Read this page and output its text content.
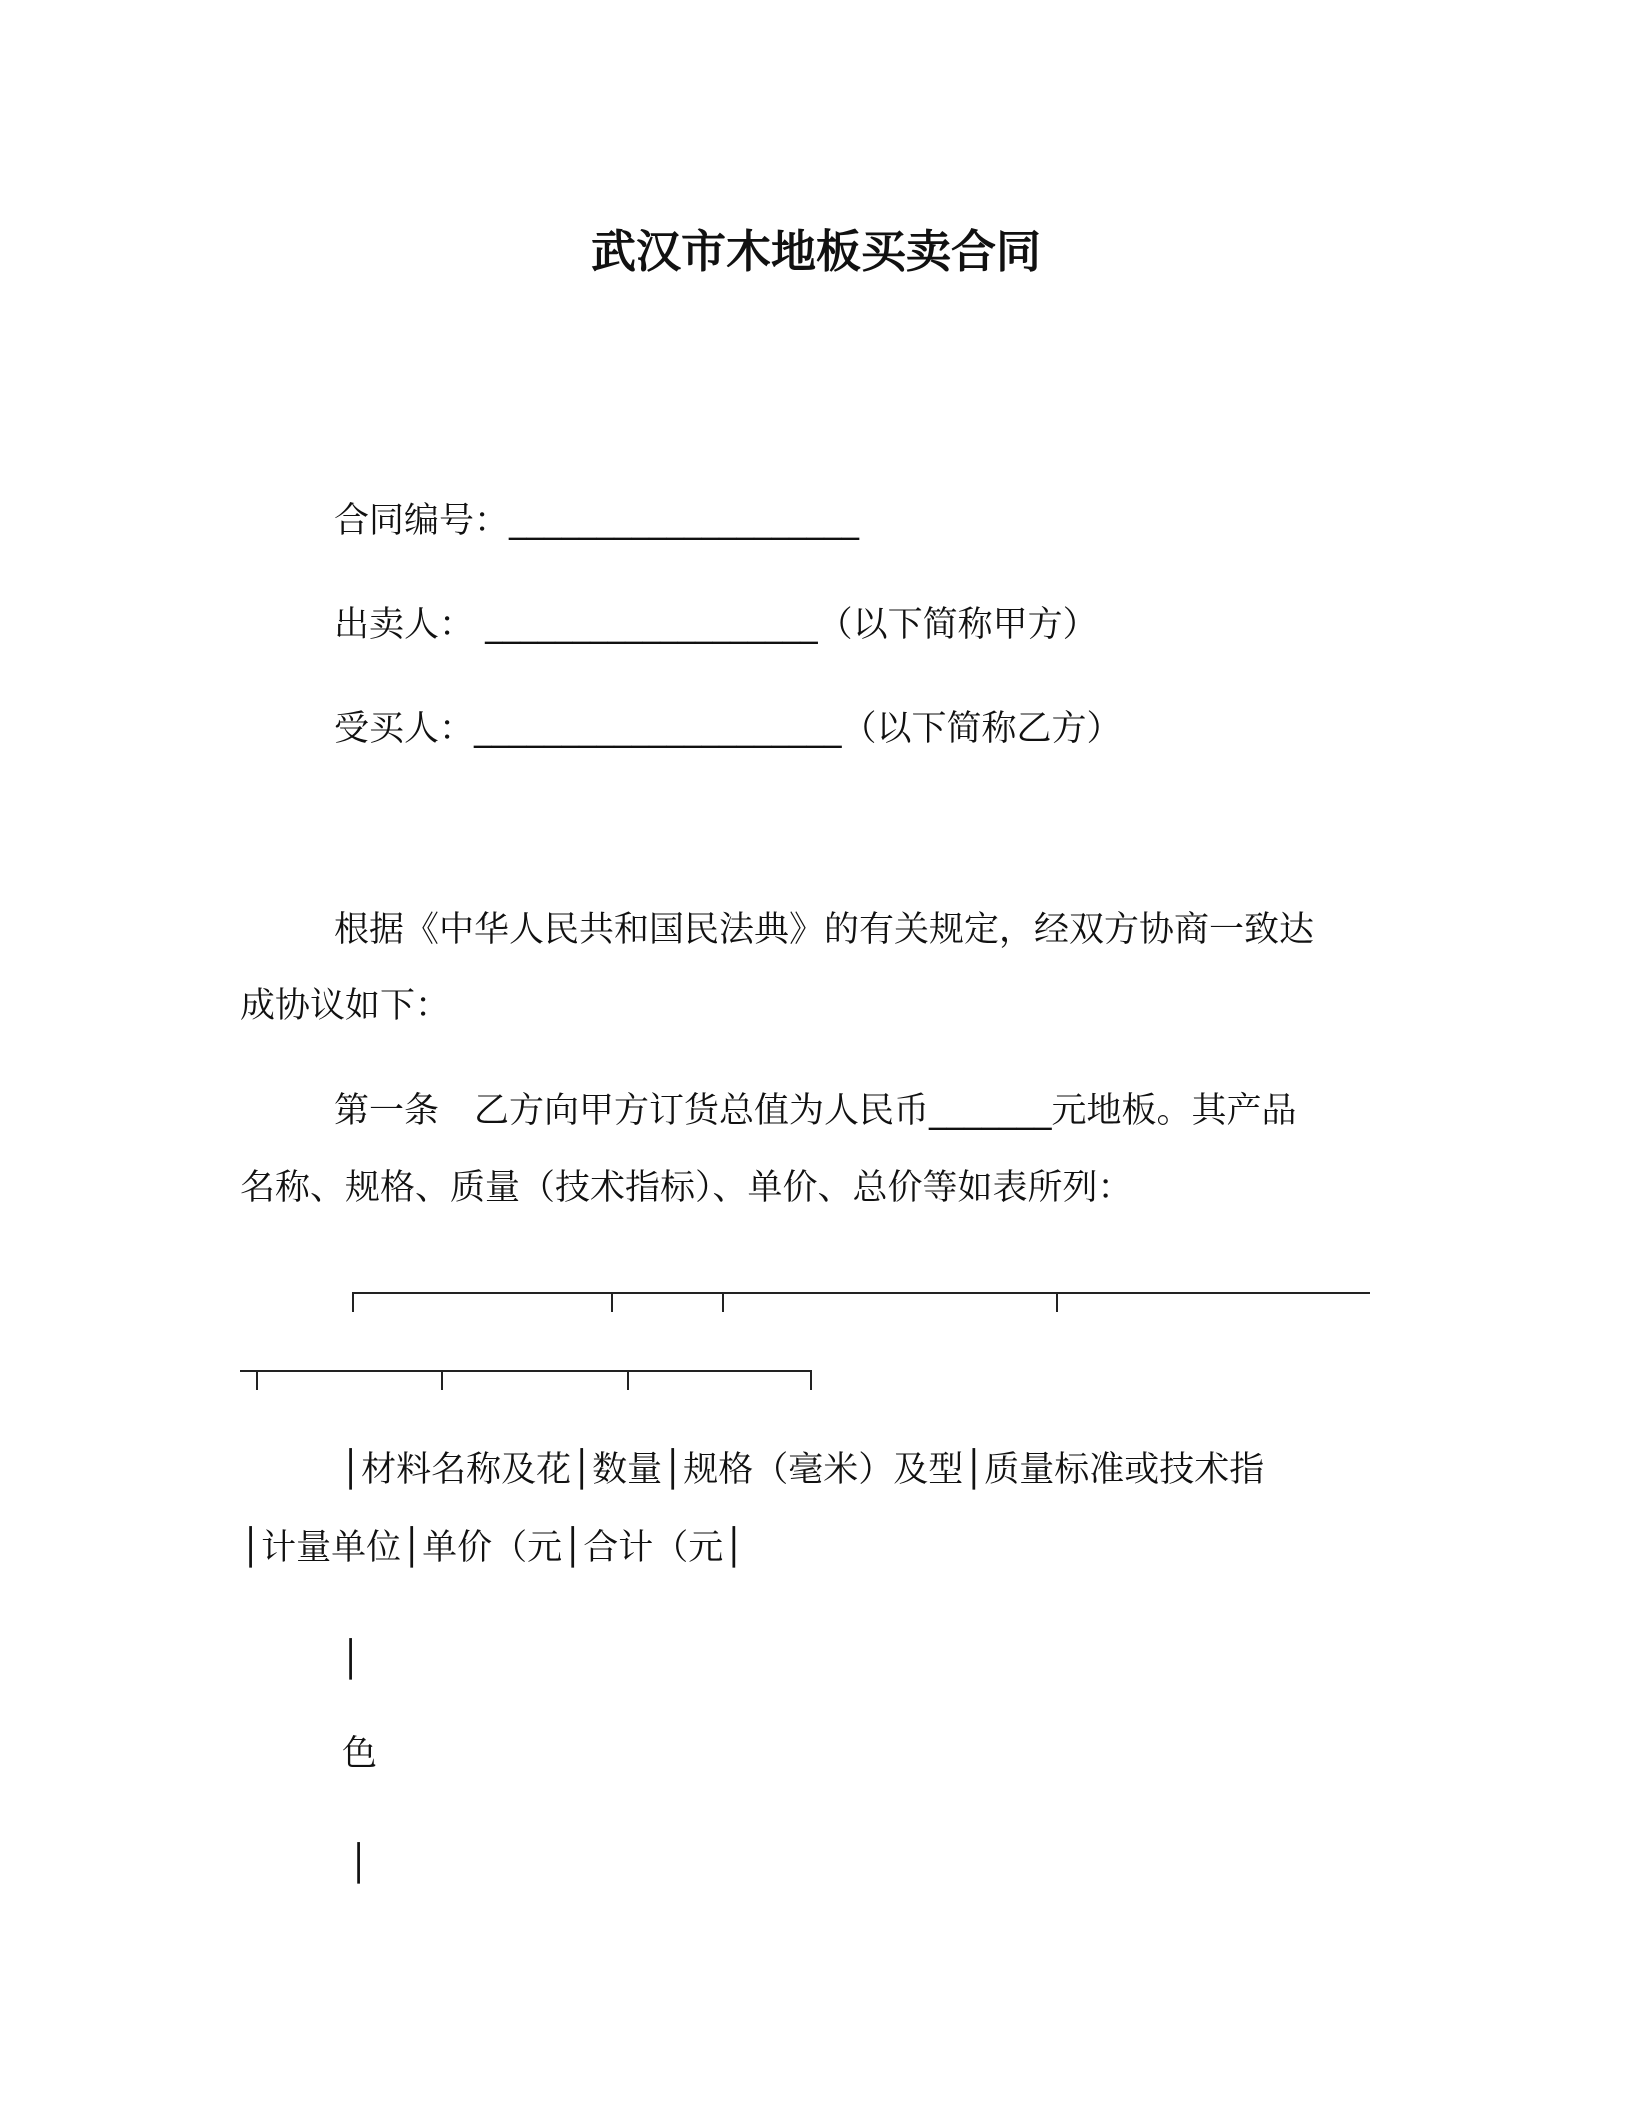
武汉市木地板买卖合同
合同编号：____________________
出卖人： ___________________（以下简称甲方）
受买人：_____________________（以下简称乙方）
根据《中华人民共和国民法典》的有关规定，经双方协商一致达
成协议如下：
第一条　乙方向甲方订货总值为人民币_______元地板。其产品
名称、规格、质量（技术指标）、单价、总价等如表所列：
│材料名称及花│数量│规格（毫米）及型│质量标准或技术指
│计量单位│单价（元│合计（元│
│
色
│
